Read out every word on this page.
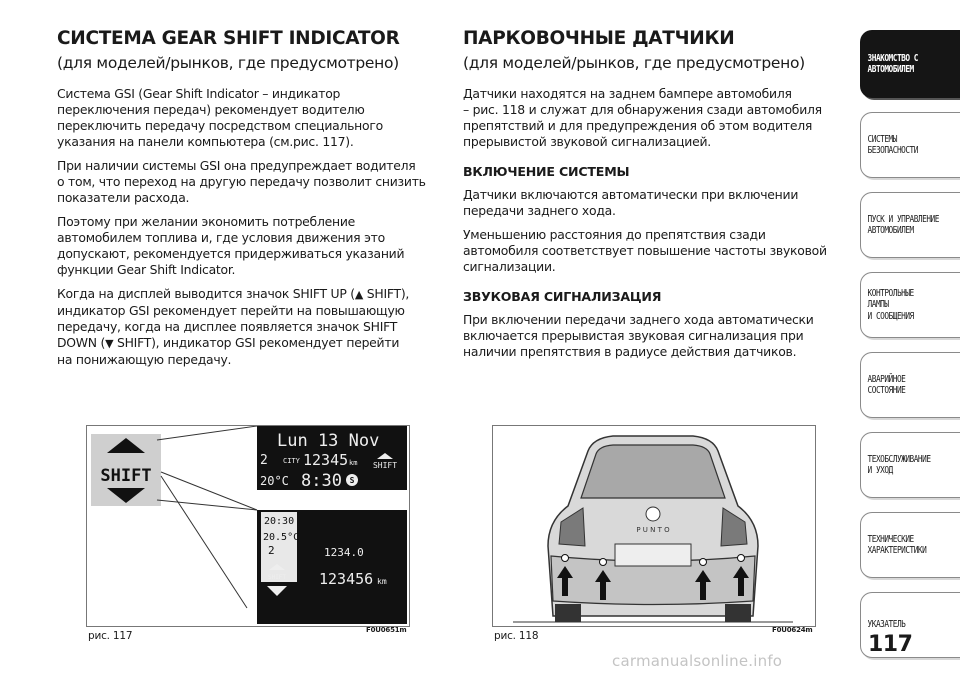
СИСТЕМА GEAR SHIFT INDICATOR
(для моделей/рынков, где предусмотрено)

Система GSI (Gear Shift Indicator – индикатор
переключения передач) рекомендует водителю
переключить передачу посредством специального
указания на панели компьютера (см.рис. 117).

При наличии системы GSI она предупреждает водителя
о том, что переход на другую передачу позволит снизить
показатели расхода.

Поэтому при желании экономить потребление
автомобилем топлива и, где условия движения это
допускают, рекомендуется придерживаться указаний
функции Gear Shift Indicator.

Когда на дисплей выводится значок SHIFT UP (▲ SHIFT),
индикатор GSI рекомендует перейти на повышающую
передачу, когда на дисплее появляется значок SHIFT
DOWN (▼ SHIFT), индикатор GSI рекомендует перейти
на понижающую передачу.

ПАРКОВОЧНЫЕ ДАТЧИКИ
(для моделей/рынков, где предусмотрено)

Датчики находятся на заднем бампере автомобиля
– рис. 118 и служат для обнаружения сзади автомобиля
препятствий и для предупреждения об этом водителя
прерывистой звуковой сигнализацией.

ВКЛЮЧЕНИЕ СИСТЕМЫ

Датчики включаются автоматически при включении
передачи заднего хода.

Уменьшению расстояния до препятствия сзади
автомобиля соответствует повышение частоты звуковой
сигнализации.

ЗВУКОВАЯ СИГНАЛИЗАЦИЯ

При включении передачи заднего хода автоматически
включается прерывистая звуковая сигнализация при
наличии препятствия в радиусе действия датчиков.

SHIFT
Lun 13 Nov
2 CITY 12345 km
20°C 8:30 S
SHIFT
20:30
20.5°C
2
SHIFT
1234.0
123456 km
рис. 117	F0U0651m
P U N T O
рис. 118	F0U0624m
ЗНАКОМСТВО С
АВТОМОБИЛЕМ
СИСТЕМЫ
БЕЗОПАСНОСТИ
ПУСК И УПРАВЛЕНИЕ
АВТОМОБИЛЕМ
КОНТРОЛЬНЫЕ
ЛАМПЫ
И СООБЩЕНИЯ
АВАРИЙНОЕ
СОСТОЯНИЕ
ТЕХОБСЛУЖИВАНИЕ
И УХОД
ТЕХНИЧЕСКИЕ
ХАРАКТЕРИСТИКИ
УКАЗАТЕЛЬ
117
carmanualsonline.info
